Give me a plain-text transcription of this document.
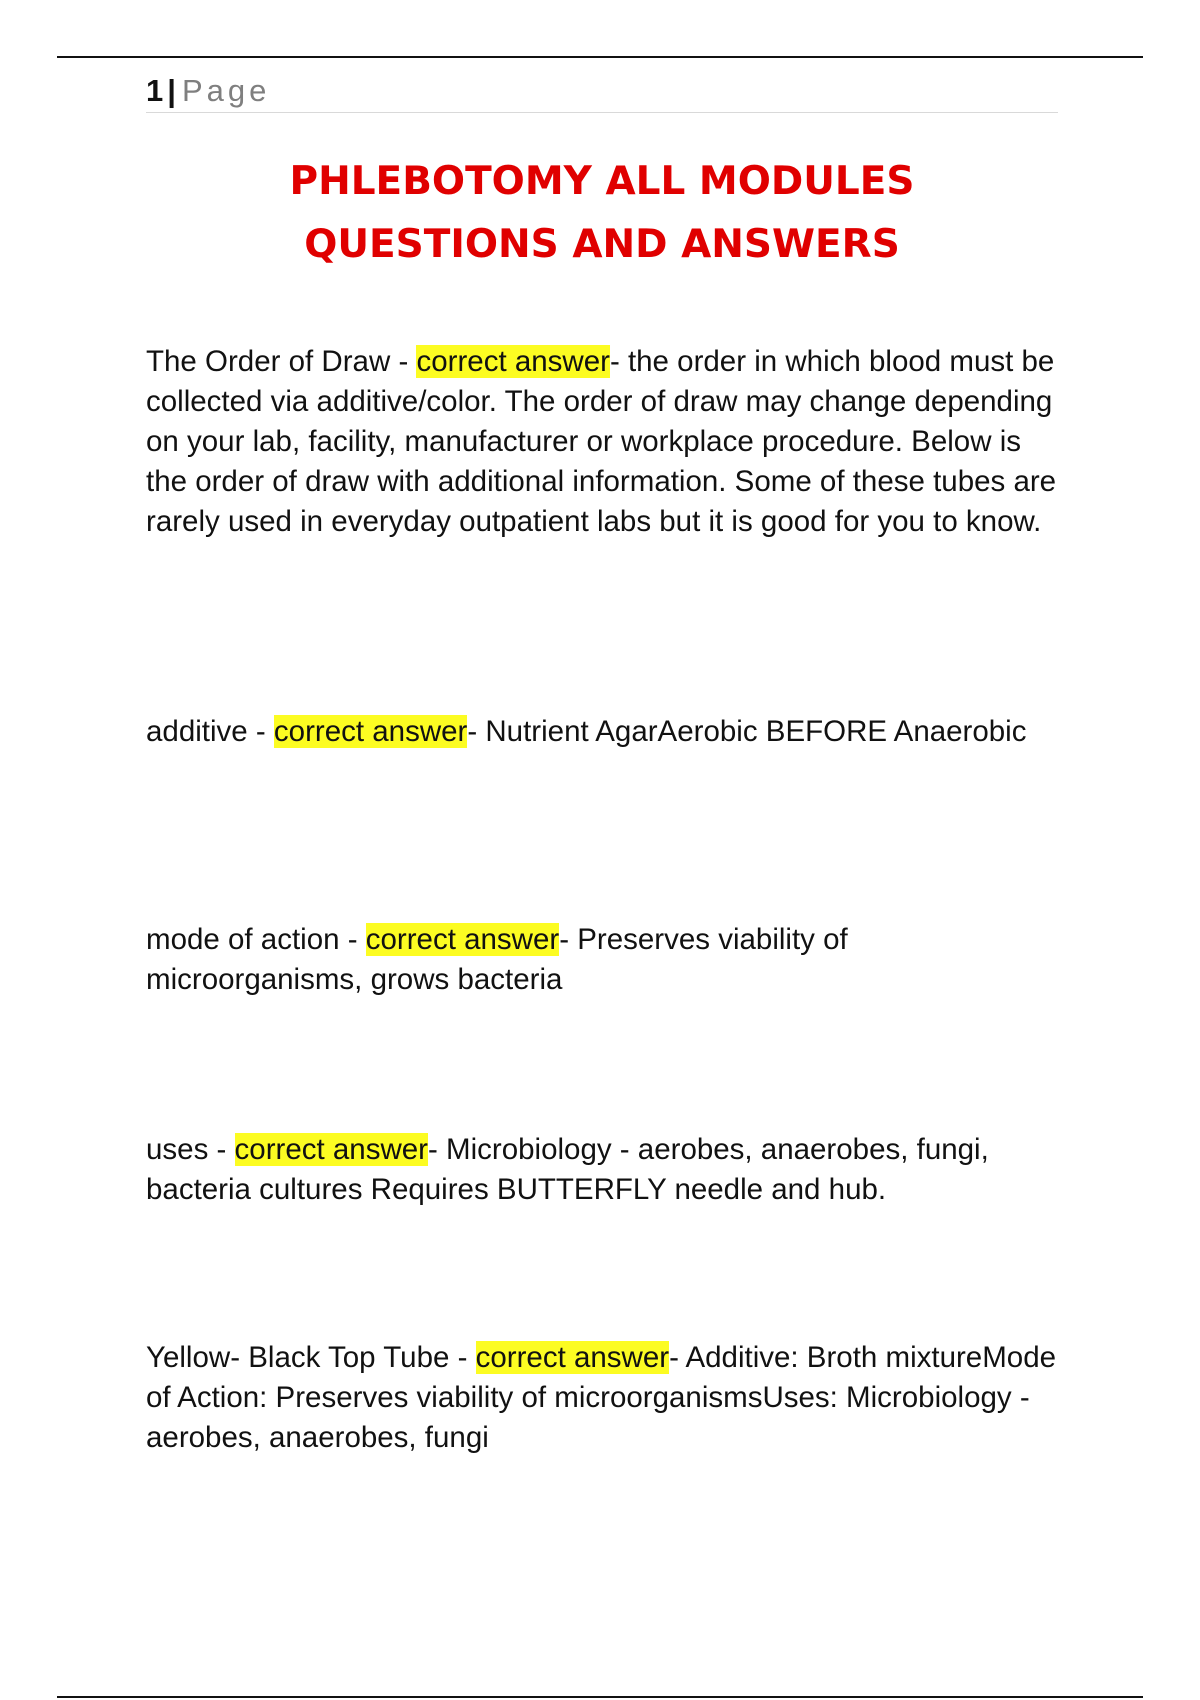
1 | Page
PHLEBOTOMY ALL MODULES
QUESTIONS AND ANSWERS

The Order of Draw - correct answer- the order in which blood must be collected via additive/color. The order of draw may change depending on your lab, facility, manufacturer or workplace procedure. Below is the order of draw with additional information. Some of these tubes are rarely used in everyday outpatient labs but it is good for you to know.

additive - correct answer- Nutrient AgarAerobic BEFORE Anaerobic

mode of action - correct answer- Preserves viability of microorganisms, grows bacteria

uses - correct answer- Microbiology - aerobes, anaerobes, fungi, bacteria cultures Requires BUTTERFLY needle and hub.

Yellow- Black Top Tube - correct answer- Additive: Broth mixtureMode of Action: Preserves viability of microorganismsUses: Microbiology - aerobes, anaerobes, fungi
